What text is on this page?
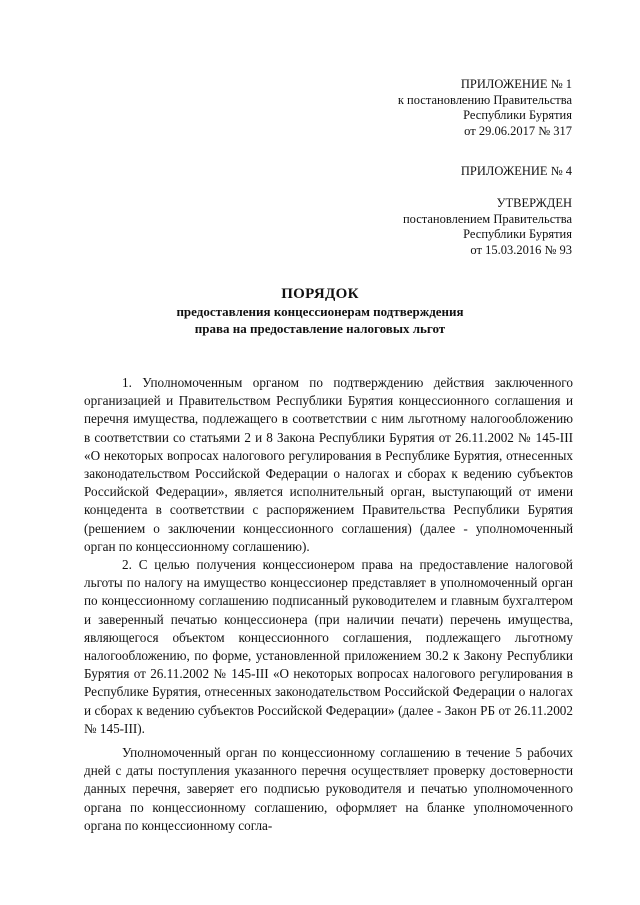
ПРИЛОЖЕНИЕ № 1
к постановлению Правительства
Республики Бурятия
от 29.06.2017 № 317
ПРИЛОЖЕНИЕ № 4
УТВЕРЖДЕН
постановлением Правительства
Республики Бурятия
от 15.03.2016 № 93
ПОРЯДОК
предоставления концессионерам подтверждения
права на предоставление налоговых льгот

1. Уполномоченным органом по подтверждению действия заключенного организацией и Правительством Республики Бурятия концессионного соглашения и перечня имущества, подлежащего в соответствии с ним льготному налогообложению в соответствии со статьями 2 и 8 Закона Республики Бурятия от 26.11.2002 № 145-III «О некоторых вопросах налогового регулирования в Республике Бурятия, отнесенных законодательством Российской Федерации о налогах и сборах к ведению субъектов Российской Федерации», является исполнительный орган, выступающий от имени концедента в соответствии с распоряжением Правительства Республики Бурятия (решением о заключении концессионного соглашения) (далее - уполномоченный орган по концессионному соглашению).

2. С целью получения концессионером права на предоставление налоговой льготы по налогу на имущество концессионер представляет в уполномоченный орган по концессионному соглашению подписанный руководителем и главным бухгалтером и заверенный печатью концессионера (при наличии печати) перечень имущества, являющегося объектом концессионного соглашения, подлежащего льготному налогообложению, по форме, установленной приложением 30.2 к Закону Республики Бурятия от 26.11.2002 № 145-III «О некоторых вопросах налогового регулирования в Республике Бурятия, отнесенных законодательством Российской Федерации о налогах и сборах к ведению субъектов Российской Федерации» (далее - Закон РБ от 26.11.2002 № 145-III).

Уполномоченный орган по концессионному соглашению в течение 5 рабочих дней с даты поступления указанного перечня осуществляет проверку достоверности данных перечня, заверяет его подписью руководителя и печатью уполномоченного органа по концессионному соглашению, оформляет на бланке уполномоченного органа по концессионному согла-
